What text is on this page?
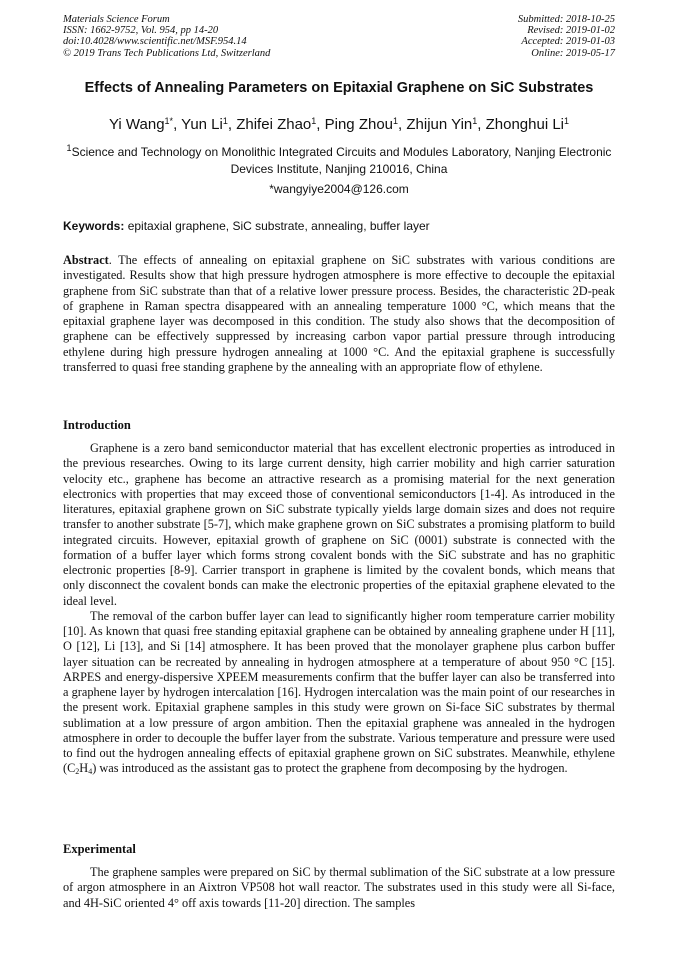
Materials Science Forum
ISSN: 1662-9752, Vol. 954, pp 14-20
doi:10.4028/www.scientific.net/MSF.954.14
© 2019 Trans Tech Publications Ltd, Switzerland
Submitted: 2018-10-25
Revised: 2019-01-02
Accepted: 2019-01-03
Online: 2019-05-17
Effects of Annealing Parameters on Epitaxial Graphene on SiC Substrates
Yi Wang$^{1*}$, Yun Li$^1$, Zhifei Zhao$^1$, Ping Zhou$^1$, Zhijun Yin$^1$, Zhonghui Li$^1$
$^1$Science and Technology on Monolithic Integrated Circuits and Modules Laboratory, Nanjing Electronic Devices Institute, Nanjing 210016, China
*wangyiye2004@126.com
Keywords: epitaxial graphene, SiC substrate, annealing, buffer layer
Abstract. The effects of annealing on epitaxial graphene on SiC substrates with various conditions are investigated. Results show that high pressure hydrogen atmosphere is more effective to decouple the epitaxial graphene from SiC substrate than that of a relative lower pressure process. Besides, the characteristic 2D-peak of graphene in Raman spectra disappeared with an annealing temperature 1000 °C, which means that the epitaxial graphene layer was decomposed in this condition. The study also shows that the decomposition of graphene can be effectively suppressed by increasing carbon vapor partial pressure through introducing ethylene during high pressure hydrogen annealing at 1000 °C. And the epitaxial graphene is successfully transferred to quasi free standing graphene by the annealing with an appropriate flow of ethylene.
Introduction

Graphene is a zero band semiconductor material that has excellent electronic properties as introduced in the previous researches. Owing to its large current density, high carrier mobility and high carrier saturation velocity etc., graphene has become an attractive research as a promising material for the next generation electronics with properties that may exceed those of conventional semiconductors [1-4]. As introduced in the literatures, epitaxial graphene grown on SiC substrate typically yields large domain sizes and does not require transfer to another substrate [5-7], which make graphene grown on SiC substrates a promising platform to build integrated circuits. However, epitaxial growth of graphene on SiC (0001) substrate is connected with the formation of a buffer layer which forms strong covalent bonds with the SiC substrate and has no graphitic electronic properties [8-9]. Carrier transport in graphene is limited by the covalent bonds, which means that only disconnect the covalent bonds can make the electronic properties of the epitaxial graphene elevated to the ideal level.

The removal of the carbon buffer layer can lead to significantly higher room temperature carrier mobility [10]. As known that quasi free standing epitaxial graphene can be obtained by annealing graphene under H [11], O [12], Li [13], and Si [14] atmosphere. It has been proved that the monolayer graphene plus carbon buffer layer situation can be recreated by annealing in hydrogen atmosphere at a temperature of about 950 °C [15]. ARPES and energy-dispersive XPEEM measurements confirm that the buffer layer can also be transferred into a graphene layer by hydrogen intercalation [16]. Hydrogen intercalation was the main point of our researches in the present work. Epitaxial graphene samples in this study were grown on Si-face SiC substrates by thermal sublimation at a low pressure of argon ambition. Then the epitaxial graphene was annealed in the hydrogen atmosphere in order to decouple the buffer layer from the substrate. Various temperature and pressure were used to find out the hydrogen annealing effects of epitaxial graphene grown on SiC substrates. Meanwhile, ethylene $(C_2H_4)$ was introduced as the assistant gas to protect the graphene from decomposing by the hydrogen.

Experimental

The graphene samples were prepared on SiC by thermal sublimation of the SiC substrate at a low pressure of argon atmosphere in an Aixtron VP508 hot wall reactor. The substrates used in this study were all Si-face, and 4H-SiC oriented 4° off axis towards [11-20] direction. The samples
